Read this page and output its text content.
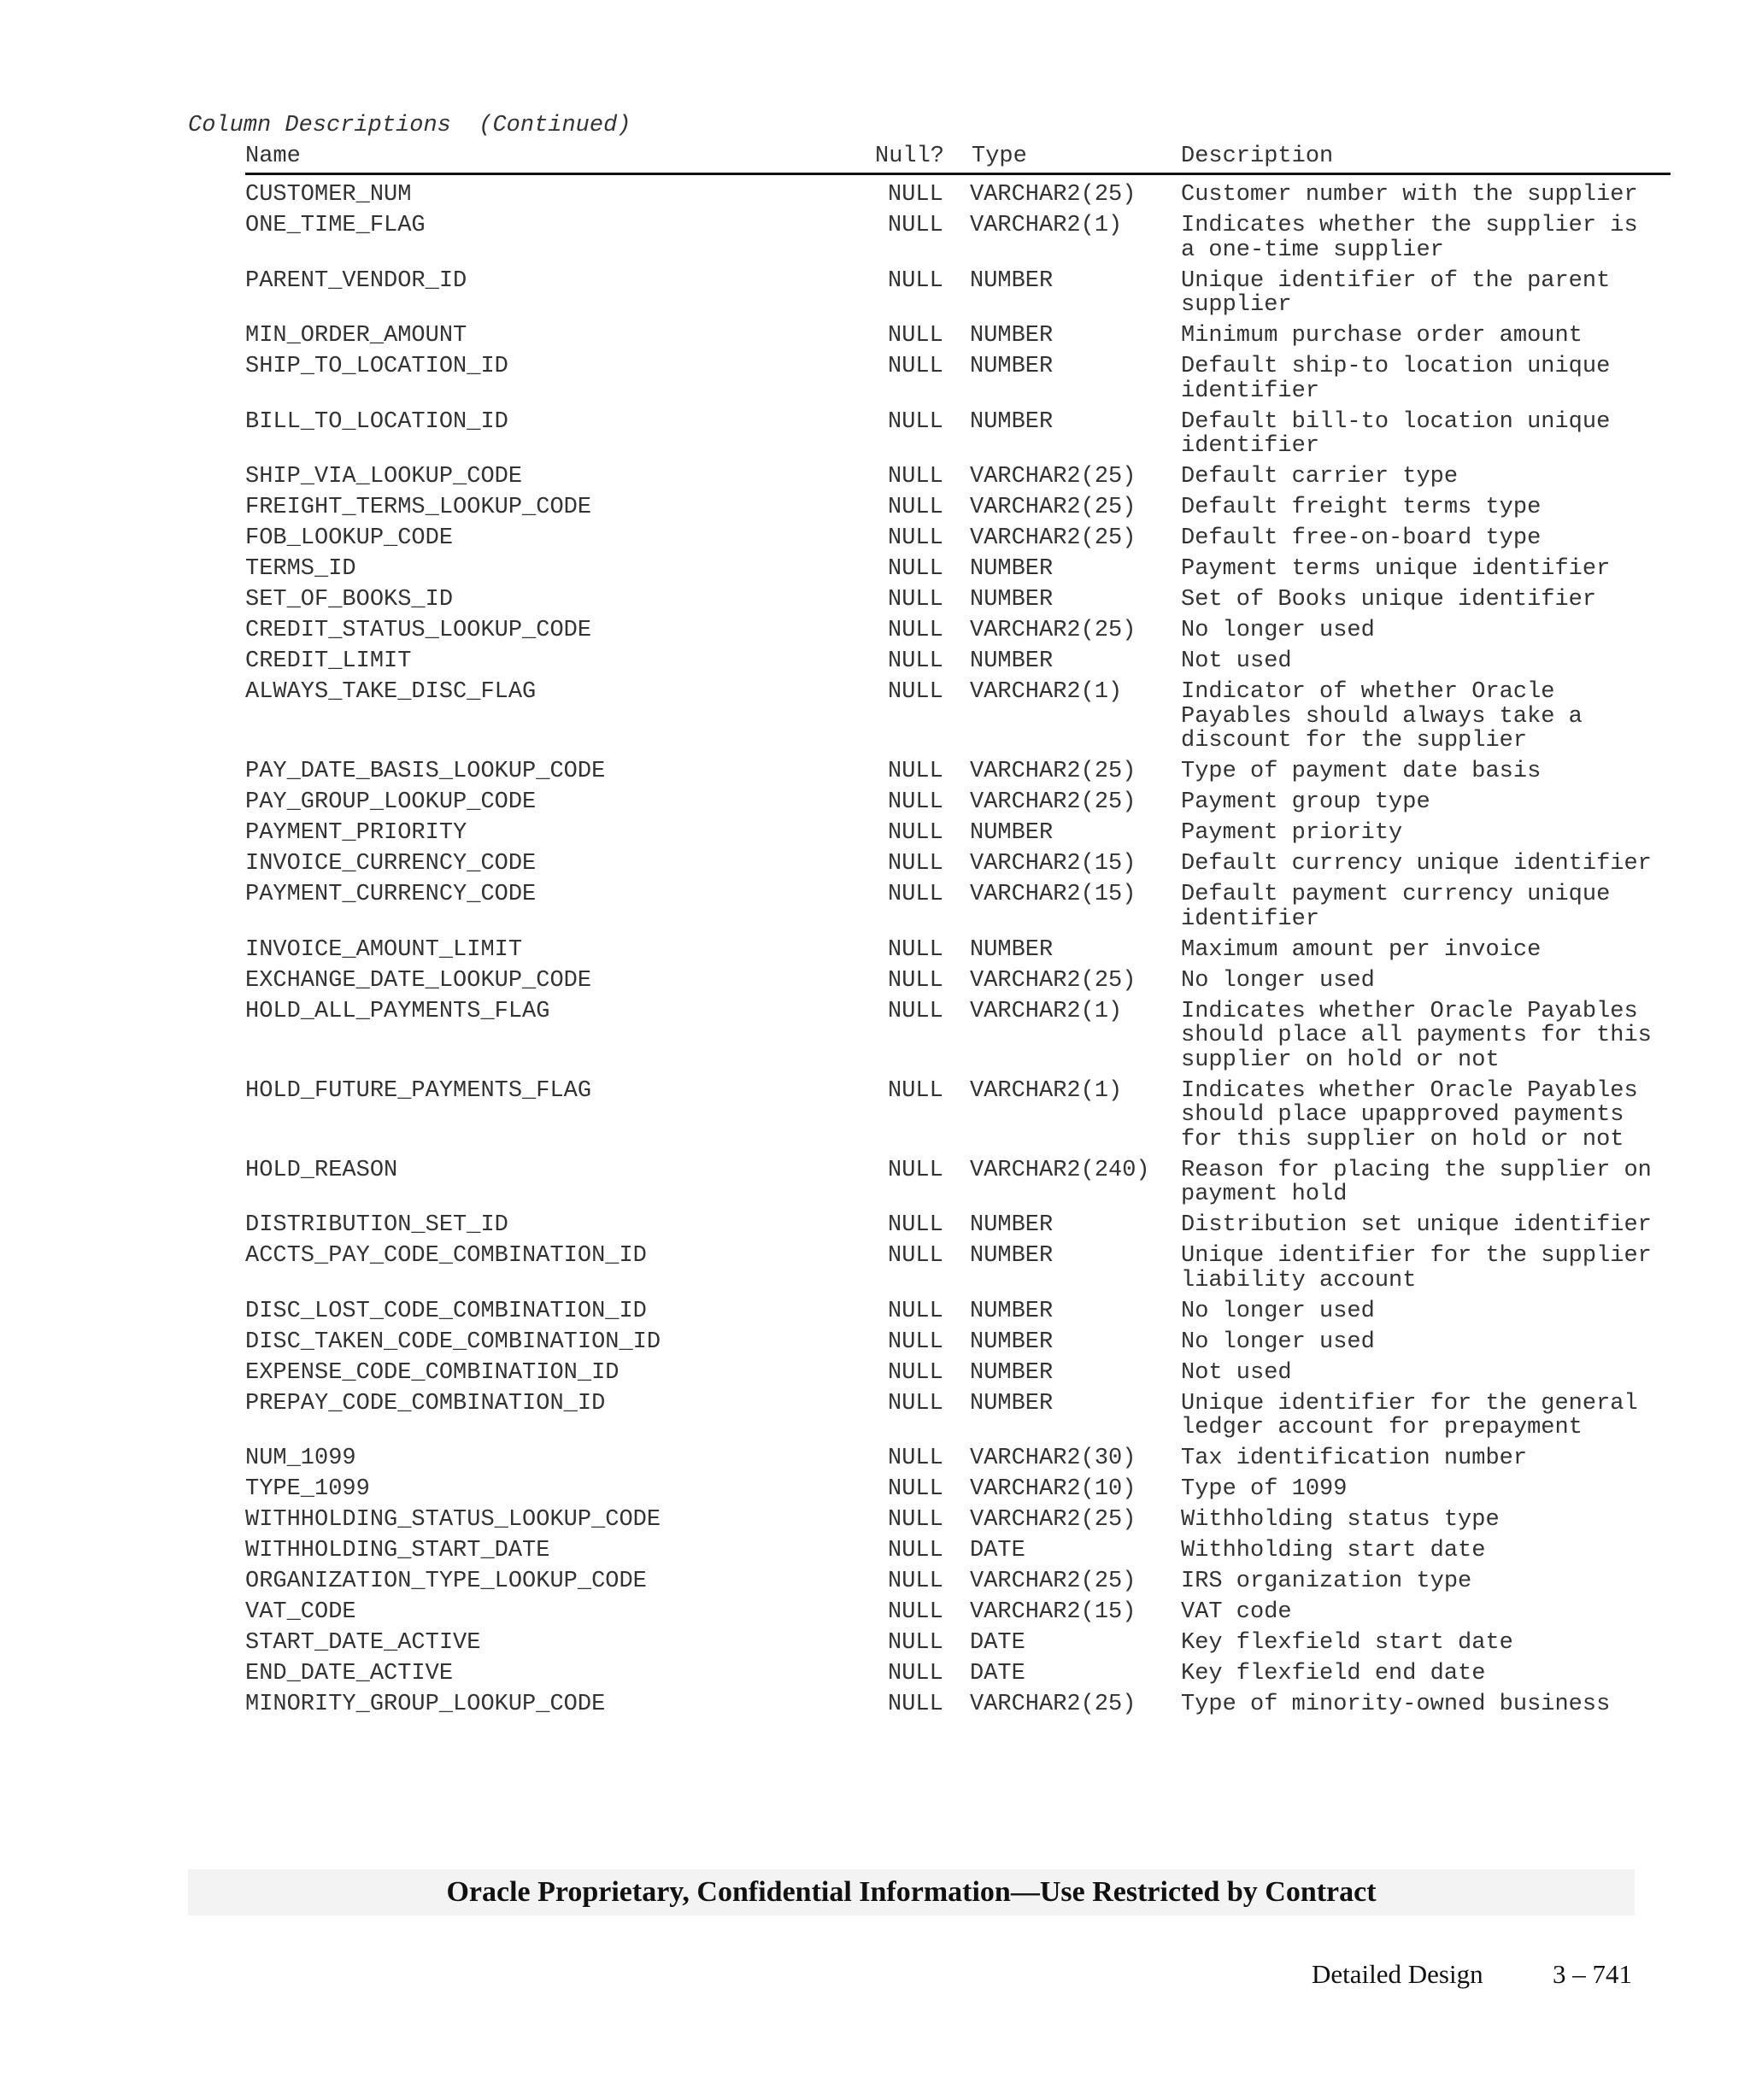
Column Descriptions  (Continued)
Name	Null? Type	Description
CUSTOMER_NUM	NULL VARCHAR2(25) Customer number with the supplier
ONE_TIME_FLAG	NULL VARCHAR2(1)	Indicates whether the supplier is a one-time supplier
PARENT_VENDOR_ID	NULL NUMBER	Unique identifier of the parent supplier
MIN_ORDER_AMOUNT	NULL NUMBER	Minimum purchase order amount
SHIP_TO_LOCATION_ID	NULL NUMBER	Default ship-to location unique identifier
BILL_TO_LOCATION_ID	NULL NUMBER	Default bill-to location unique identifier
SHIP_VIA_LOOKUP_CODE	NULL VARCHAR2(25) Default carrier type
FREIGHT_TERMS_LOOKUP_CODE	NULL VARCHAR2(25) Default freight terms type
FOB_LOOKUP_CODE	NULL VARCHAR2(25) Default free-on-board type
TERMS_ID	NULL NUMBER	Payment terms unique identifier
SET_OF_BOOKS_ID	NULL NUMBER	Set of Books unique identifier
CREDIT_STATUS_LOOKUP_CODE	NULL VARCHAR2(25) No longer used
CREDIT_LIMIT	NULL NUMBER	Not used
ALWAYS_TAKE_DISC_FLAG	NULL VARCHAR2(1)	Indicator of whether Oracle Payables should always take a discount for the supplier
PAY_DATE_BASIS_LOOKUP_CODE	NULL VARCHAR2(25) Type of payment date basis
PAY_GROUP_LOOKUP_CODE	NULL VARCHAR2(25) Payment group type
PAYMENT_PRIORITY	NULL NUMBER	Payment priority
INVOICE_CURRENCY_CODE	NULL VARCHAR2(15) Default currency unique identifier
PAYMENT_CURRENCY_CODE	NULL VARCHAR2(15) Default payment currency unique identifier
INVOICE_AMOUNT_LIMIT	NULL NUMBER	Maximum amount per invoice
EXCHANGE_DATE_LOOKUP_CODE	NULL VARCHAR2(25) No longer used
HOLD_ALL_PAYMENTS_FLAG	NULL VARCHAR2(1)	Indicates whether Oracle Payables should place all payments for this supplier on hold or not
HOLD_FUTURE_PAYMENTS_FLAG	NULL VARCHAR2(1)	Indicates whether Oracle Payables should place upapproved payments for this supplier on hold or not
HOLD_REASON	NULL VARCHAR2(240) Reason for placing the supplier on payment hold
DISTRIBUTION_SET_ID	NULL NUMBER	Distribution set unique identifier
ACCTS_PAY_CODE_COMBINATION_ID	NULL NUMBER	Unique identifier for the supplier liability account
DISC_LOST_CODE_COMBINATION_ID	NULL NUMBER	No longer used
DISC_TAKEN_CODE_COMBINATION_ID	NULL NUMBER	No longer used
EXPENSE_CODE_COMBINATION_ID	NULL NUMBER	Not used
PREPAY_CODE_COMBINATION_ID	NULL NUMBER	Unique identifier for the general ledger account for prepayment
NUM_1099	NULL VARCHAR2(30) Tax identification number
TYPE_1099	NULL VARCHAR2(10) Type of 1099
WITHHOLDING_STATUS_LOOKUP_CODE	NULL VARCHAR2(25) Withholding status type
WITHHOLDING_START_DATE	NULL DATE	Withholding start date
ORGANIZATION_TYPE_LOOKUP_CODE	NULL VARCHAR2(25) IRS organization type
VAT_CODE	NULL VARCHAR2(15) VAT code
START_DATE_ACTIVE	NULL DATE	Key flexfield start date
END_DATE_ACTIVE	NULL DATE	Key flexfield end date
MINORITY_GROUP_LOOKUP_CODE	NULL VARCHAR2(25) Type of minority-owned business
Oracle Proprietary, Confidential Information––Use Restricted by Contract
Detailed Design	3 – 741
